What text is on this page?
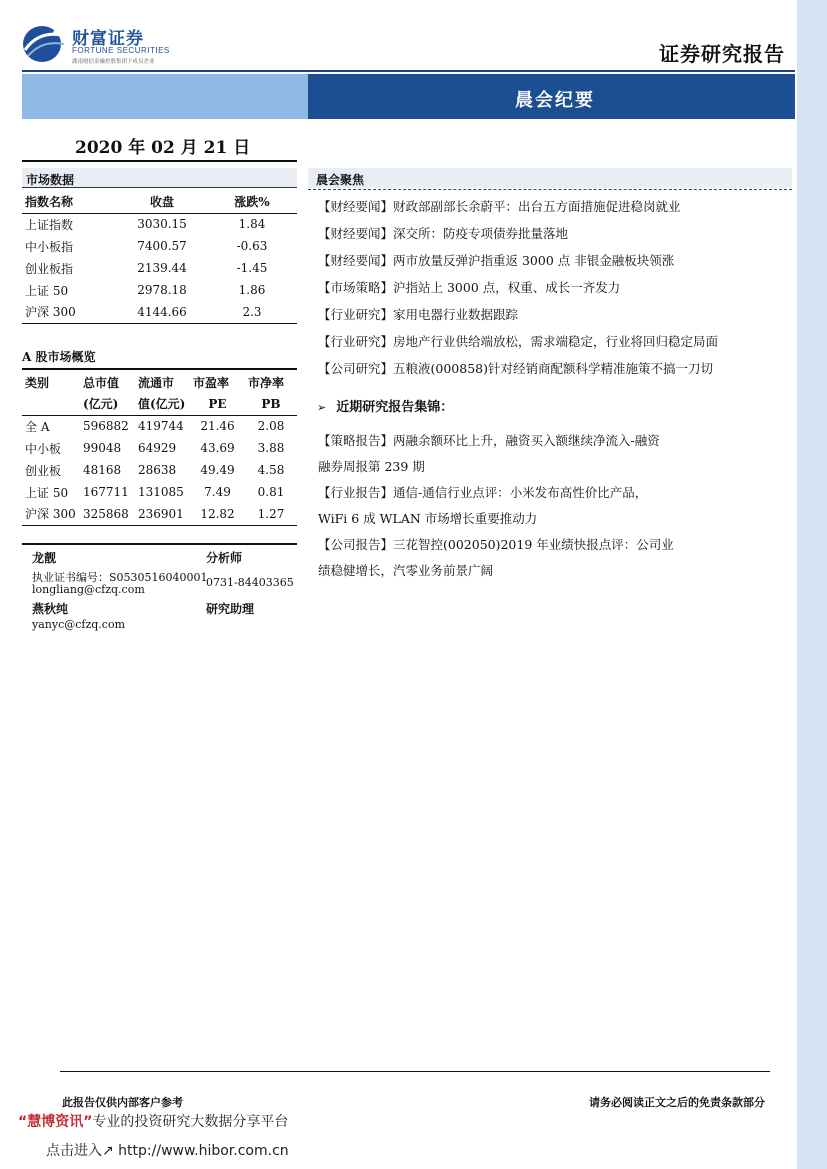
财富证券
FORTUNE SECURITIES
湖南财信金融控股集团下成员企业	证券研究报告
晨会纪要
2020 年 02 月 21 日
市场数据
指数名称	收盘	涨跌%
上证指数	3030.15	1.84
中小板指	7400.57	-0.63
创业板指	2139.44	-1.45
上证 50	2978.18	1.86
沪深 300	4144.66	2.3
A 股市场概览
类别	总市值	流通市	市盈率	市净率
	(亿元)	值(亿元)	PE	PB
全 A	596882	419744	21.46	2.08
中小板	99048	64929	43.69	3.88
创业板	48168	28638	49.49	4.58
上证 50	167711	131085	7.49	0.81
沪深 300	325868	236901	12.82	1.27
龙靓	分析师
执业证书编号：S0530516040001
0731-84403365
longliang@cfzq.com
燕秋纯	研究助理
yanyc@cfzq.com
晨会聚焦
【财经要闻】财政部副部长余蔚平：出台五方面措施促进稳岗就业
【财经要闻】深交所：防疫专项债券批量落地
【财经要闻】两市放量反弹沪指重返 3000 点 非银金融板块领涨
【市场策略】沪指站上 3000 点，权重、成长一齐发力
【行业研究】家用电器行业数据跟踪
【行业研究】房地产行业供给端放松，需求端稳定，行业将回归稳定局面
【公司研究】五粮液(000858)针对经销商配额科学精准施策不搞一刀切
➢ 近期研究报告集锦：

【策略报告】两融余额环比上升，融资买入额继续净流入-融资

融券周报第 239 期

【行业报告】通信-通信行业点评：小米发布高性价比产品，

WiFi 6 成 WLAN 市场增长重要推动力

【公司报告】三花智控(002050)2019 年业绩快报点评：公司业

绩稳健增长，汽零业务前景广阔

此报告仅供内部客户参考	请务必阅读正文之后的免责条款部分
“慧博资讯”专业的投资研究大数据分享平台
点击进入↗ http://www.hibor.com.cn
